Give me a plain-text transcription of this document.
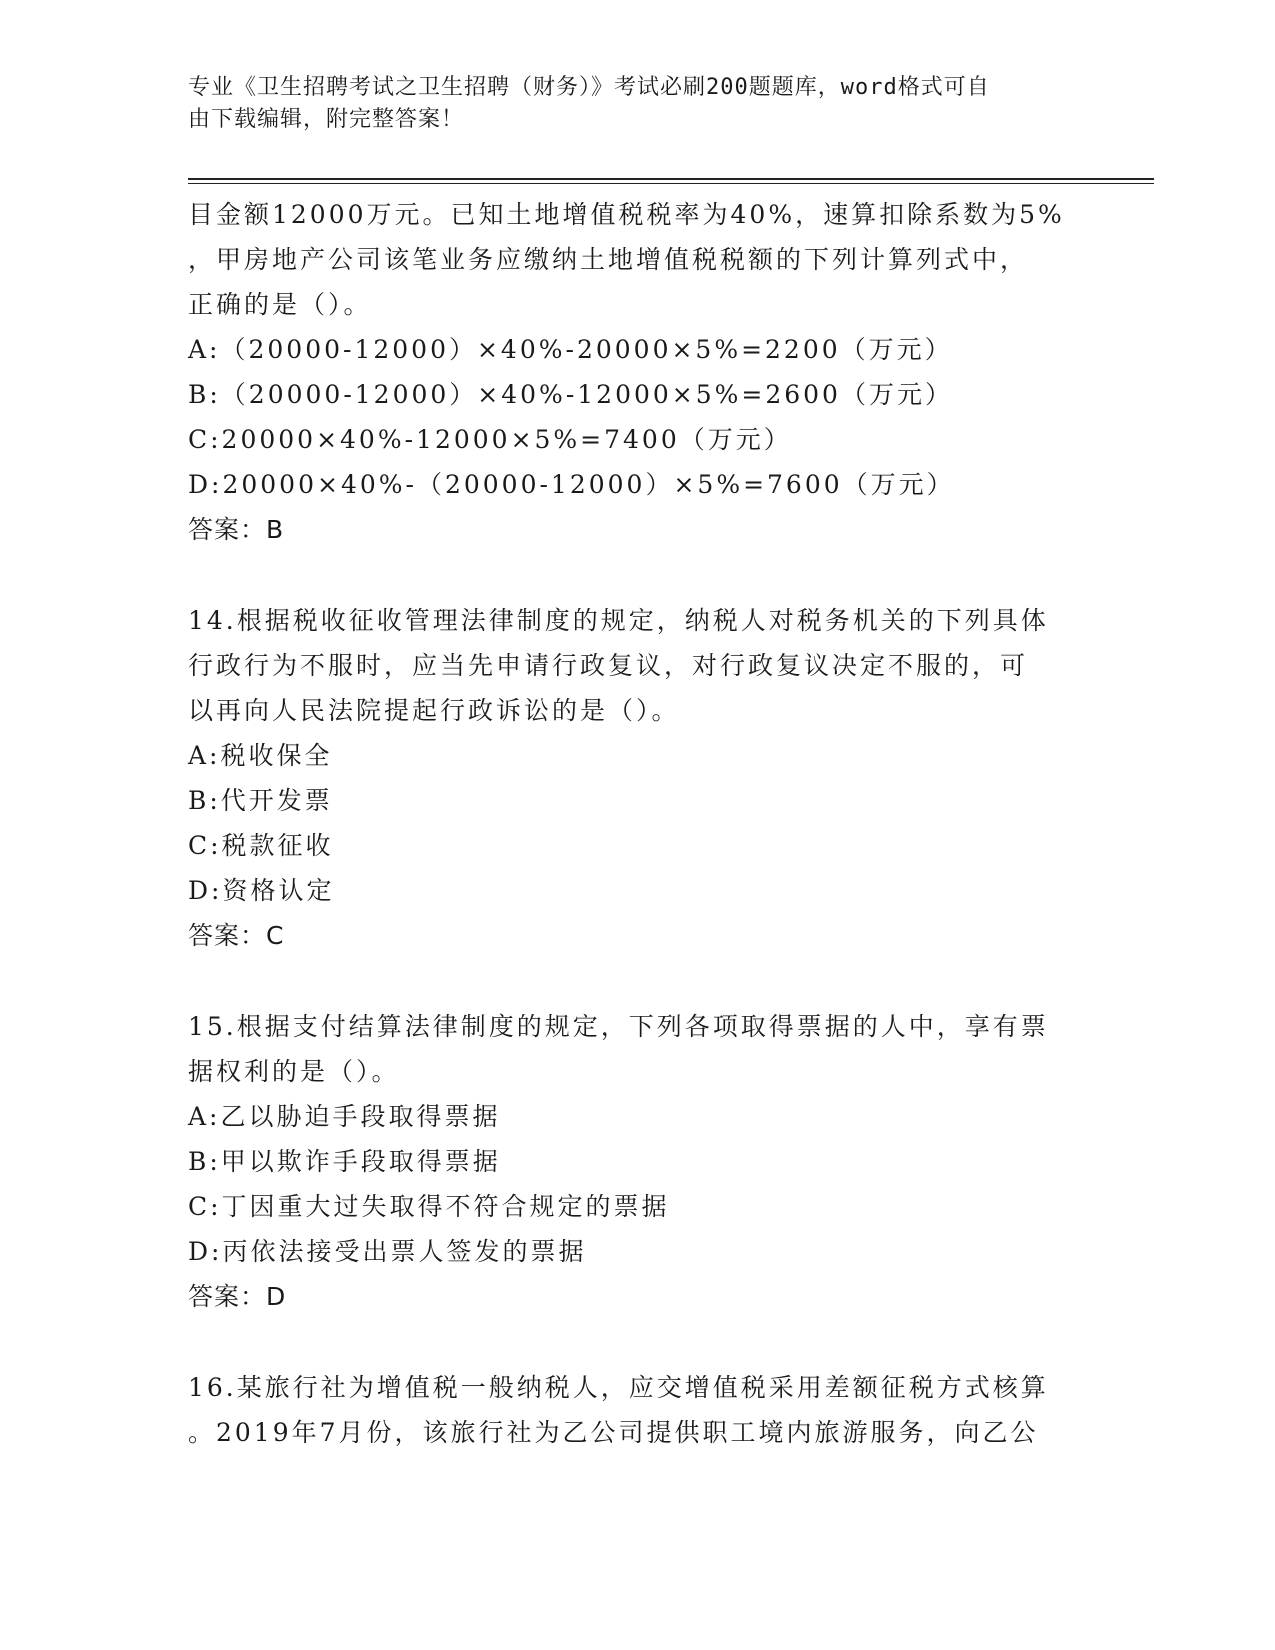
专业《卫生招聘考试之卫生招聘（财务）》考试必刷200题题库，word格式可自
由下载编辑，附完整答案！
目金额12000万元。已知土地增值税税率为40%，速算扣除系数为5%
，甲房地产公司该笔业务应缴纳土地增值税税额的下列计算列式中，
正确的是（）。
A:（20000-12000）×40%-20000×5%=2200（万元）
B:（20000-12000）×40%-12000×5%=2600（万元）
C:20000×40%-12000×5%=7400（万元）
D:20000×40%-（20000-12000）×5%=7600（万元）
答案：B
14.根据税收征收管理法律制度的规定，纳税人对税务机关的下列具体
行政行为不服时，应当先申请行政复议，对行政复议决定不服的，可
以再向人民法院提起行政诉讼的是（）。
A:税收保全
B:代开发票
C:税款征收
D:资格认定
答案：C
15.根据支付结算法律制度的规定，下列各项取得票据的人中，享有票
据权利的是（）。
A:乙以胁迫手段取得票据
B:甲以欺诈手段取得票据
C:丁因重大过失取得不符合规定的票据
D:丙依法接受出票人签发的票据
答案：D
16.某旅行社为增值税一般纳税人，应交增值税采用差额征税方式核算
。2019年7月份，该旅行社为乙公司提供职工境内旅游服务，向乙公
